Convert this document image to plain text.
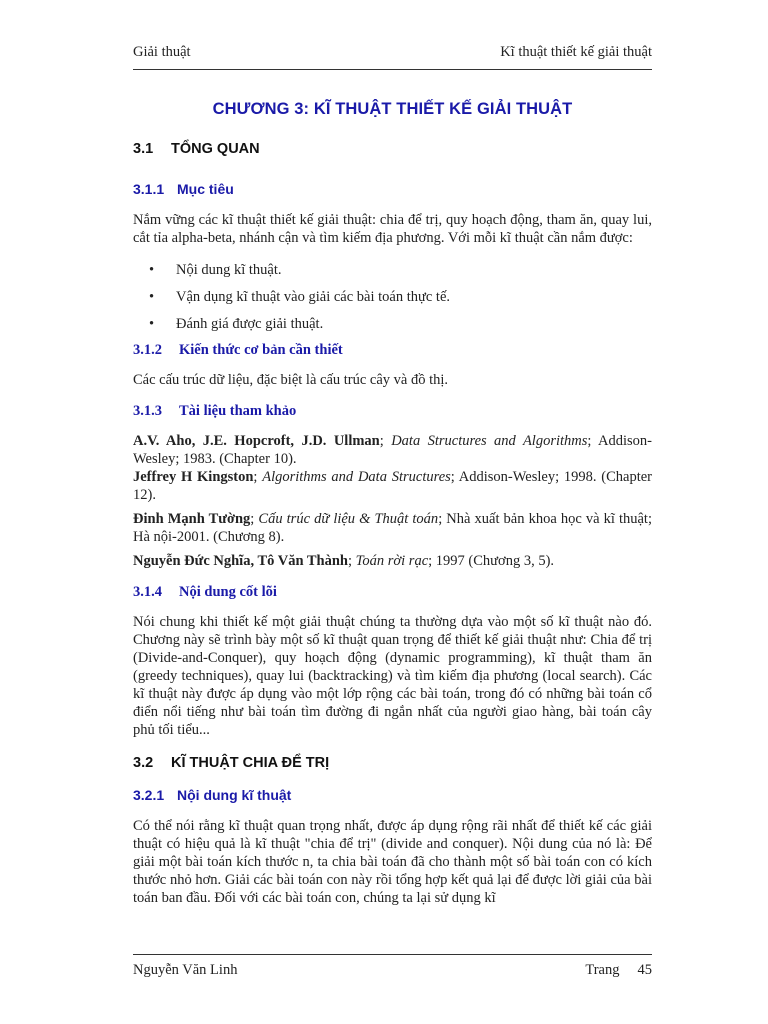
Giải thuật	Kĩ thuật thiết kế giải thuật
CHƯƠNG 3: KĨ THUẬT THIẾT KẾ GIẢI THUẬT
3.1 TỔNG QUAN
3.1.1 Mục tiêu

Nắm vững các kĩ thuật thiết kế giải thuật: chia để trị, quy hoạch động, tham ăn, quay lui, cắt tỉa alpha-beta, nhánh cận và tìm kiếm địa phương. Với mỗi kĩ thuật cần nắm được:

• Nội dung kĩ thuật.
• Vận dụng kĩ thuật vào giải các bài toán thực tế.
• Đánh giá được giải thuật.
3.1.2 Kiến thức cơ bản cần thiết

Các cấu trúc dữ liệu, đặc biệt là cấu trúc cây và đồ thị.

3.1.3 Tài liệu tham khảo
A.V. Aho, J.E. Hopcroft, J.D. Ullman; Data Structures and Algorithms; Addison-Wesley; 1983. (Chapter 10).
Jeffrey H Kingston; Algorithms and Data Structures; Addison-Wesley; 1998. (Chapter 12).
Đinh Mạnh Tường; Cấu trúc dữ liệu & Thuật toán; Nhà xuất bản khoa học và kĩ thuật; Hà nội-2001. (Chương 8).
Nguyễn Đức Nghĩa, Tô Văn Thành; Toán rời rạc; 1997 (Chương 3, 5).
3.1.4 Nội dung cốt lõi

Nói chung khi thiết kế một giải thuật chúng ta thường dựa vào một số kĩ thuật nào đó. Chương này sẽ trình bày một số kĩ thuật quan trọng để thiết kế giải thuật như: Chia để trị (Divide-and-Conquer), quy hoạch động (dynamic programming), kĩ thuật tham ăn (greedy techniques), quay lui (backtracking) và tìm kiếm địa phương (local search). Các kĩ thuật này được áp dụng vào một lớp rộng các bài toán, trong đó có những bài toán cổ điển nổi tiếng như bài toán tìm đường đi ngắn nhất của người giao hàng, bài toán cây phủ tối tiểu...

3.2 KĨ THUẬT CHIA ĐỂ TRỊ
3.2.1 Nội dung kĩ thuật

Có thể nói rằng kĩ thuật quan trọng nhất, được áp dụng rộng rãi nhất để thiết kế các giải thuật có hiệu quả là kĩ thuật "chia để trị" (divide and conquer). Nội dung của nó là: Để giải một bài toán kích thước n, ta chia bài toán đã cho thành một số bài toán con có kích thước nhỏ hơn. Giải các bài toán con này rồi tổng hợp kết quả lại để được lời giải của bài toán ban đầu. Đối với các bài toán con, chúng ta lại sử dụng kĩ

Nguyễn Văn Linh	Trang 45
